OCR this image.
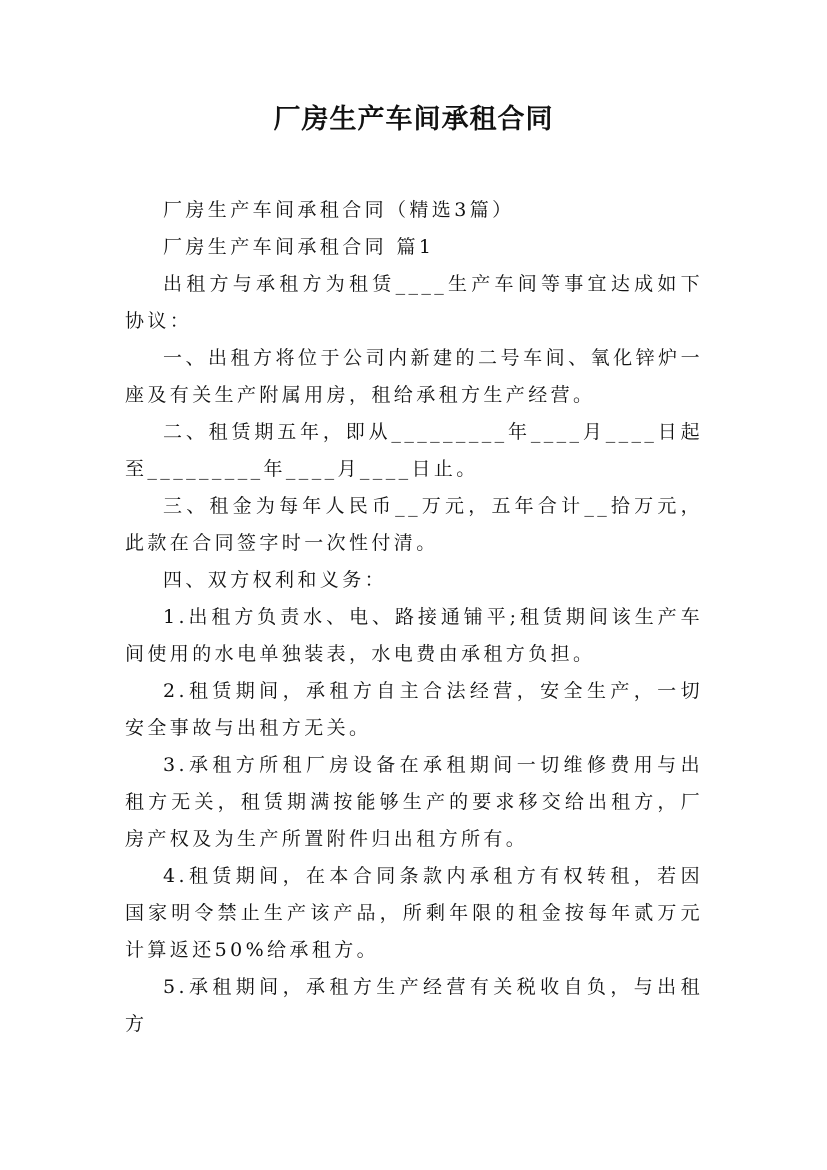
厂房生产车间承租合同

厂房生产车间承租合同（精选3篇）

厂房生产车间承租合同 篇1

出租方与承租方为租赁____生产车间等事宜达成如下协议：

一、出租方将位于公司内新建的二号车间、氧化锌炉一座及有关生产附属用房，租给承租方生产经营。

二、租赁期五年，即从_________年____月____日起至_________年____月____日止。

三、租金为每年人民币__万元，五年合计__拾万元，此款在合同签字时一次性付清。

四、双方权利和义务：

1.出租方负责水、电、路接通铺平;租赁期间该生产车间使用的水电单独装表，水电费由承租方负担。

2.租赁期间，承租方自主合法经营，安全生产，一切安全事故与出租方无关。

3.承租方所租厂房设备在承租期间一切维修费用与出租方无关，租赁期满按能够生产的要求移交给出租方，厂房产权及为生产所置附件归出租方所有。

4.租赁期间，在本合同条款内承租方有权转租，若因国家明令禁止生产该产品，所剩年限的租金按每年贰万元计算返还50%给承租方。

5.承租期间，承租方生产经营有关税收自负，与出租方
